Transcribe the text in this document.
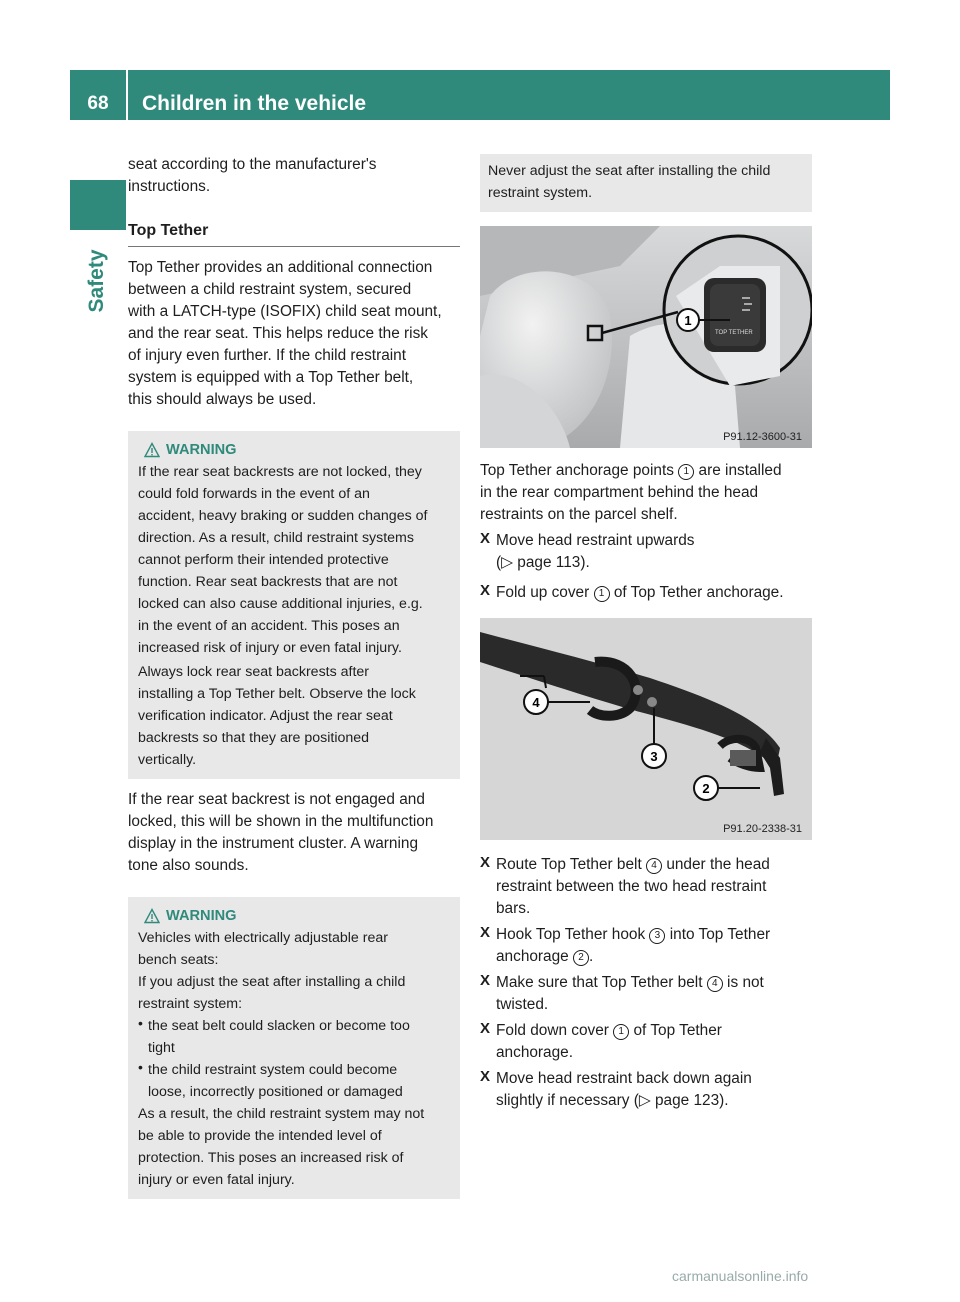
68	Children in the vehicle
Safety

seat according to the manufacturer's
instructions.

Top Tether

Top Tether provides an additional connection
between a child restraint system, secured
with a LATCH-type (ISOFIX) child seat mount,
and the rear seat. This helps reduce the risk
of injury even further. If the child restraint
system is equipped with a Top Tether belt,
this should always be used.

WARNING

If the rear seat backrests are not locked, they
could fold forwards in the event of an
accident, heavy braking or sudden changes of
direction. As a result, child restraint systems
cannot perform their intended protective
function. Rear seat backrests that are not
locked can also cause additional injuries, e.g.
in the event of an accident. This poses an
increased risk of injury or even fatal injury.

Always lock rear seat backrests after
installing a Top Tether belt. Observe the lock
verification indicator. Adjust the rear seat
backrests so that they are positioned
vertically.

If the rear seat backrest is not engaged and
locked, this will be shown in the multifunction
display in the instrument cluster. A warning
tone also sounds.

WARNING

Vehicles with electrically adjustable rear
bench seats:

If you adjust the seat after installing a child
restraint system:

• the seat belt could slacken or become too
tight

• the child restraint system could become
loose, incorrectly positioned or damaged

As a result, the child restraint system may not
be able to provide the intended level of
protection. This poses an increased risk of
injury or even fatal injury.

Never adjust the seat after installing the child
restraint system.

TOP TETHER
1
P91.12-3600-31

Top Tether anchorage points 1 are installed
in the rear compartment behind the head
restraints on the parcel shelf.

X Move head restraint upwards
(▷ page 113).

X Fold up cover 1 of Top Tether anchorage.

4
3
2
P91.20-2338-31
X Route Top Tether belt 4 under the head
restraint between the two head restraint
bars.

X Hook Top Tether hook 3 into Top Tether
anchorage 2 .

X Make sure that Top Tether belt 4 is not
twisted.

X Fold down cover 1 of Top Tether
anchorage.

X Move head restraint back down again
slightly if necessary (▷ page 123).

carmanualsonline.info
